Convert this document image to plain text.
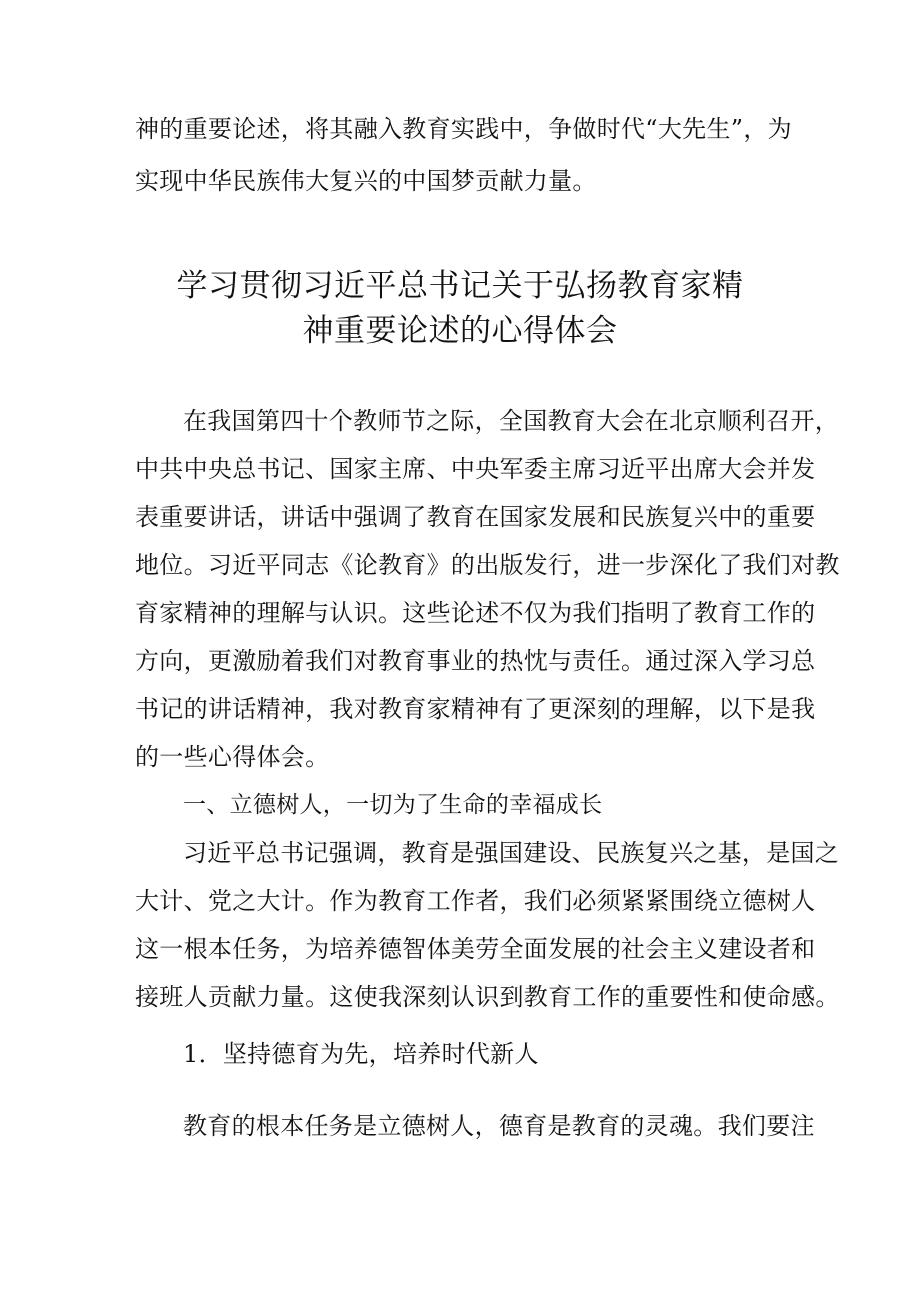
神的重要论述，将其融入教育实践中，争做时代“大先生”，为
实现中华民族伟大复兴的中国梦贡献力量。
学习贯彻习近平总书记关于弘扬教育家精
神重要论述的心得体会
在我国第四十个教师节之际，全国教育大会在北京顺利召开，
中共中央总书记、国家主席、中央军委主席习近平出席大会并发
表重要讲话，讲话中强调了教育在国家发展和民族复兴中的重要
地位。习近平同志《论教育》的出版发行，进一步深化了我们对教
育家精神的理解与认识。这些论述不仅为我们指明了教育工作的
方向，更激励着我们对教育事业的热忱与责任。通过深入学习总
书记的讲话精神，我对教育家精神有了更深刻的理解，以下是我
的一些心得体会。
一、立德树人，一切为了生命的幸福成长
习近平总书记强调，教育是强国建设、民族复兴之基，是国之
大计、党之大计。作为教育工作者，我们必须紧紧围绕立德树人
这一根本任务，为培养德智体美劳全面发展的社会主义建设者和
接班人贡献力量。这使我深刻认识到教育工作的重要性和使命感。
1．坚持德育为先，培养时代新人
教育的根本任务是立德树人，德育是教育的灵魂。我们要注
